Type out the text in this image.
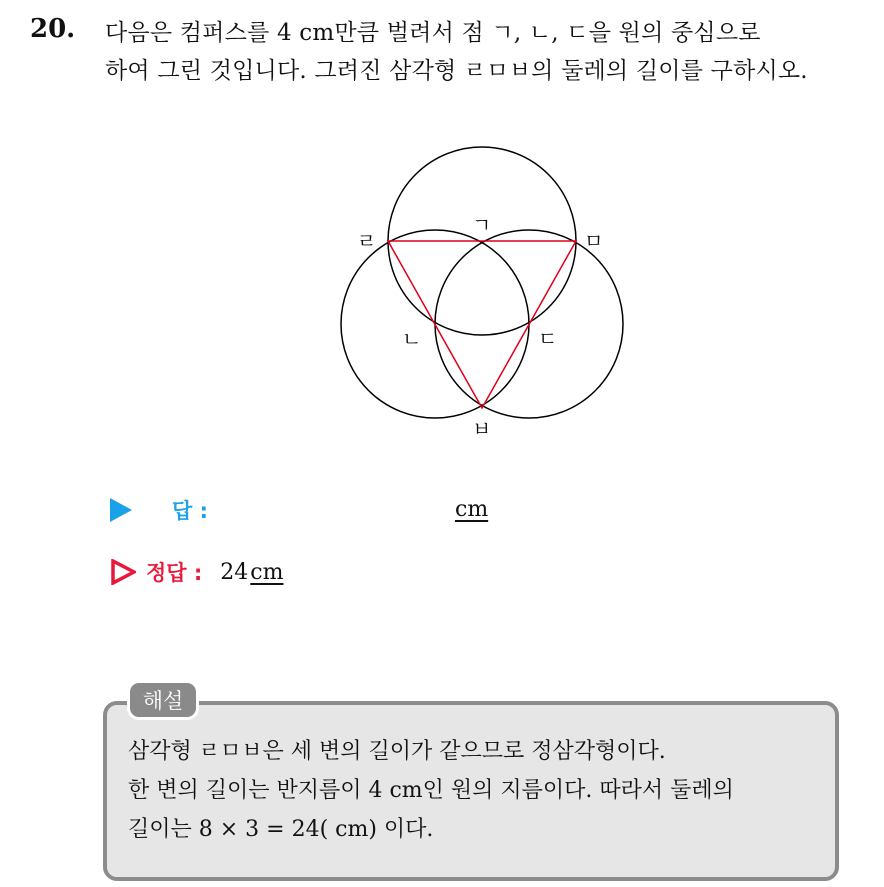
20. 다음은 컴퍼스를 4 cm만큼 벌려서 점 ㄱ, ㄴ, ㄷ을 원의 중심으로
하여 그린 것입니다. 그려진 삼각형 ㄹㅁㅂ의 둘레의 길이를 구하시오.
ㄱ
ㄹ	ㅁ
ㄴ	ㄷ
ㅂ
답 :	cm
정답 : 24 cm
해설
삼각형 ㄹㅁㅂ은 세 변의 길이가 같으므로 정삼각형이다.
한 변의 길이는 반지름이 4 cm인 원의 지름이다. 따라서 둘레의
길이는 8 × 3 = 24( cm) 이다.
